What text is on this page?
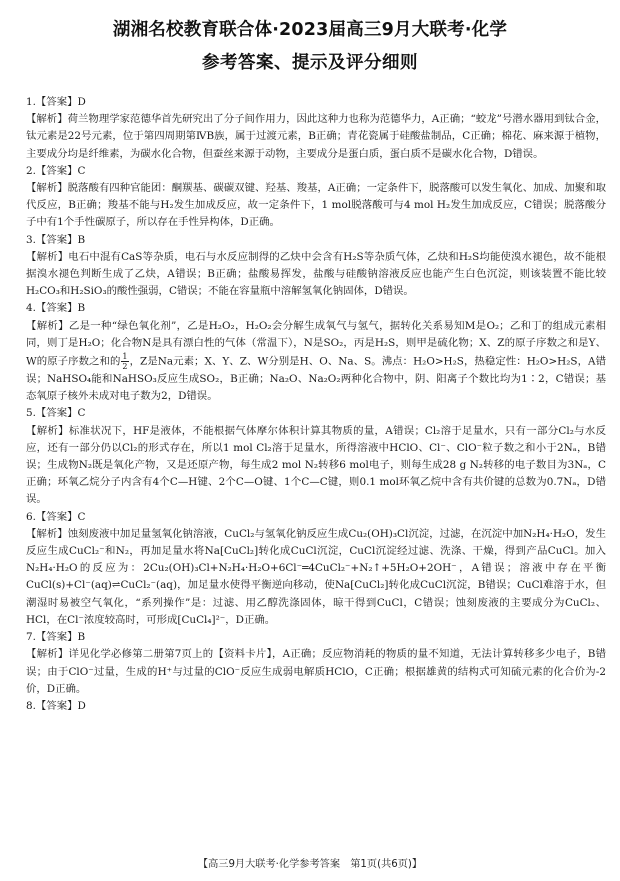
湖湘名校教育联合体·2023届高三9月大联考·化学
参考答案、提示及评分细则
1.【答案】D
【解析】荷兰物理学家范德华首先研究出了分子间作用力，因此这种力也称为范德华力，A正确；“蛟龙”号潜水器用到钛合金，钛元素是22号元素，位于第四周期第ⅣB族，属于过渡元素，B正确；青花瓷属于硅酸盐制品，C正确；棉花、麻来源于植物，主要成分均是纤维素，为碳水化合物，但蚕丝来源于动物，主要成分是蛋白质，蛋白质不是碳水化合物，D错误。
2.【答案】C
【解析】脱落酸有四种官能团：酮羰基、碳碳双键、羟基、羧基，A正确；一定条件下，脱落酸可以发生氧化、加成、加聚和取代反应，B正确；羧基不能与H₂发生加成反应，故一定条件下，1 mol脱落酸可与4 mol H₂发生加成反应，C错误；脱落酸分子中有1个手性碳原子，所以存在手性异构体，D正确。
3.【答案】B
【解析】电石中混有CaS等杂质，电石与水反应制得的乙炔中会含有H₂S等杂质气体，乙炔和H₂S均能使溴水褪色，故不能根据溴水褪色判断生成了乙炔，A错误；B正确；盐酸易挥发，盐酸与硅酸钠溶液反应也能产生白色沉淀，则该装置不能比较H₂CO₃和H₂SiO₃的酸性强弱，C错误；不能在容量瓶中溶解氢氧化钠固体，D错误。
4.【答案】B
【解析】乙是一种“绿色氧化剂”，乙是H₂O₂，H₂O₂会分解生成氧气与氢气，据转化关系易知M是O₂；乙和丁的组成元素相同，则丁是H₂O；化合物N是具有漂白性的气体（常温下），N是SO₂，丙是H₂S，则甲是硫化物；X、Z的原子序数之和是Y、W的原子序数之和的 $\frac{1}{2}$ ，Z是Na元素；X、Y、Z、W分别是H、O、Na、S。沸点：H₂O>H₂S，热稳定性：H₂O>H₂S，A错误；NaHSO₄能和NaHSO₃反应生成SO₂，B正确；Na₂O、Na₂O₂两种化合物中，阴、阳离子个数比均为1∶2，C错误；基态氧原子核外未成对电子数为2，D错误。
5.【答案】C
【解析】标准状况下，HF是液体，不能根据气体摩尔体积计算其物质的量，A错误；Cl₂溶于足量水，只有一部分Cl₂与水反应，还有一部分仍以Cl₂的形式存在，所以1 mol Cl₂溶于足量水，所得溶液中HClO、Cl⁻、ClO⁻粒子数之和小于2Nₐ，B错误；生成物N₂既是氧化产物，又是还原产物，每生成2 mol N₂转移6 mol电子，则每生成28 g N₂转移的电子数目为3Nₐ，C正确；环氧乙烷分子内含有4个C—H键、2个C—O键、1个C—C键，则0.1 mol环氧乙烷中含有共价键的总数为0.7Nₐ，D错误。
6.【答案】C
【解析】蚀刻废液中加足量氢氧化钠溶液，CuCl₂与氢氧化钠反应生成Cu₂(OH)₃Cl沉淀，过滤，在沉淀中加N₂H₄·H₂O，发生反应生成CuCl₂⁻和N₂，再加足量水将Na[CuCl₂]转化成CuCl沉淀，CuCl沉淀经过滤、洗涤、干燥，得到产品CuCl。加入N₂H₄·H₂O的反应为：2Cu₂(OH)₃Cl+N₂H₄·H₂O+6Cl⁻═4CuCl₂⁻+N₂↑+5H₂O+2OH⁻，A错误；溶液中存在平衡CuCl(s)+Cl⁻(aq)⇌CuCl₂⁻(aq)，加足量水使得平衡逆向移动，使Na[CuCl₂]转化成CuCl沉淀，B错误；CuCl难溶于水，但潮湿时易被空气氧化，“系列操作”是：过滤、用乙醇洗涤固体，晾干得到CuCl，C错误；蚀刻废液的主要成分为CuCl₂、HCl，在Cl⁻浓度较高时，可形成[CuCl₄]²⁻，D正确。
7.【答案】B
【解析】详见化学必修第二册第7页上的【资料卡片】，A正确；反应物消耗的物质的量不知道，无法计算转移多少电子，B错误；由于ClO⁻过量，生成的H⁺与过量的ClO⁻反应生成弱电解质HClO，C正确；根据雄黄的结构式可知硫元素的化合价为-2价，D正确。
8.【答案】D
【高三9月大联考·化学参考答案　第1页(共6页)】
